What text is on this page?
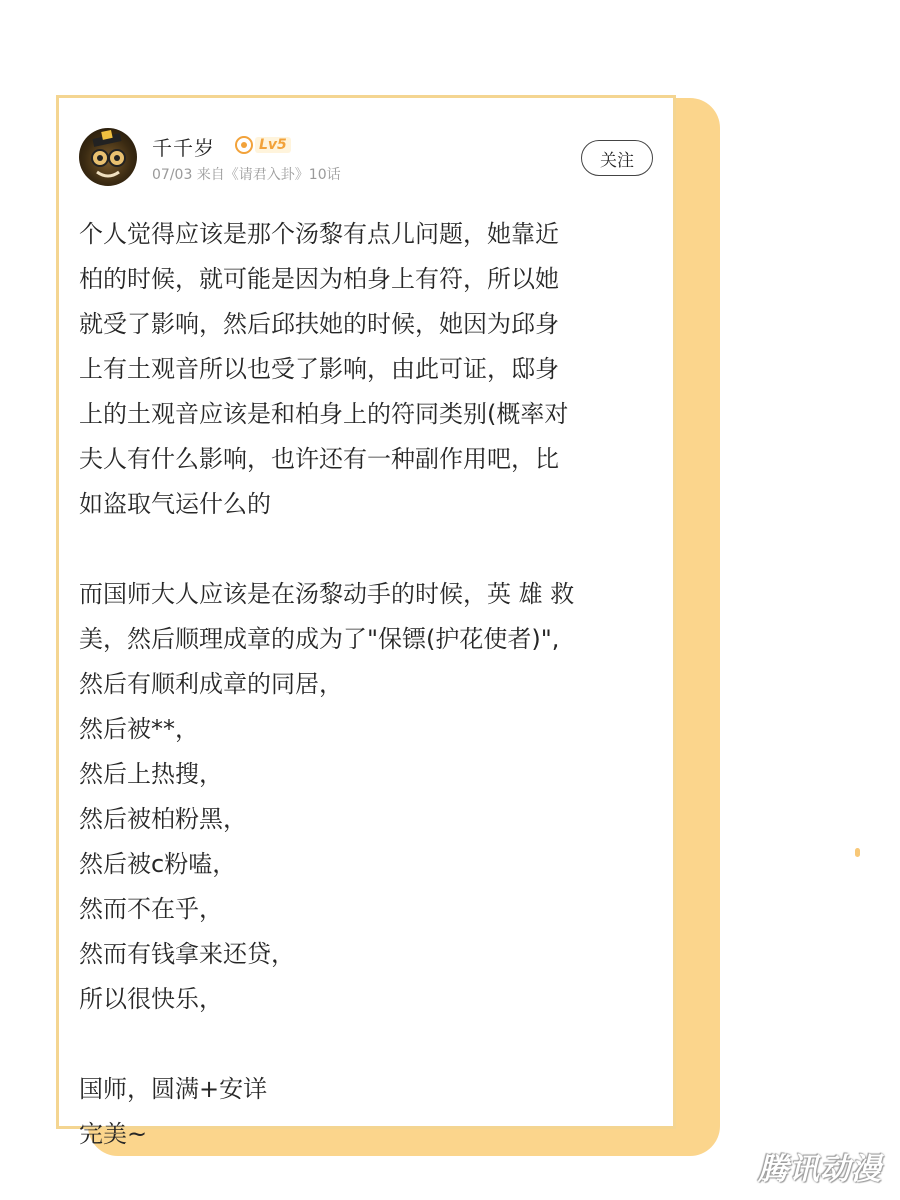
千千岁	Lv5
07/03 来自《请君入卦》10话
关注
个人觉得应该是那个汤黎有点儿问题，她靠近
柏的时候，就可能是因为柏身上有符，所以她
就受了影响，然后邱扶她的时候，她因为邱身
上有土观音所以也受了影响，由此可证，邸身
上的土观音应该是和柏身上的符同类别(概率对
夫人有什么影响，也许还有一种副作用吧，比
如盗取气运什么的
而国师大人应该是在汤黎动手的时候，英 雄 救
美，然后顺理成章的成为了"保镖(护花使者)",
然后有顺利成章的同居，
然后被**，
然后上热搜，
然后被柏粉黑，
然后被c粉嗑，
然而不在乎，
然而有钱拿来还贷，
所以很快乐，
国师，圆满+安详
完美~
腾讯动漫
